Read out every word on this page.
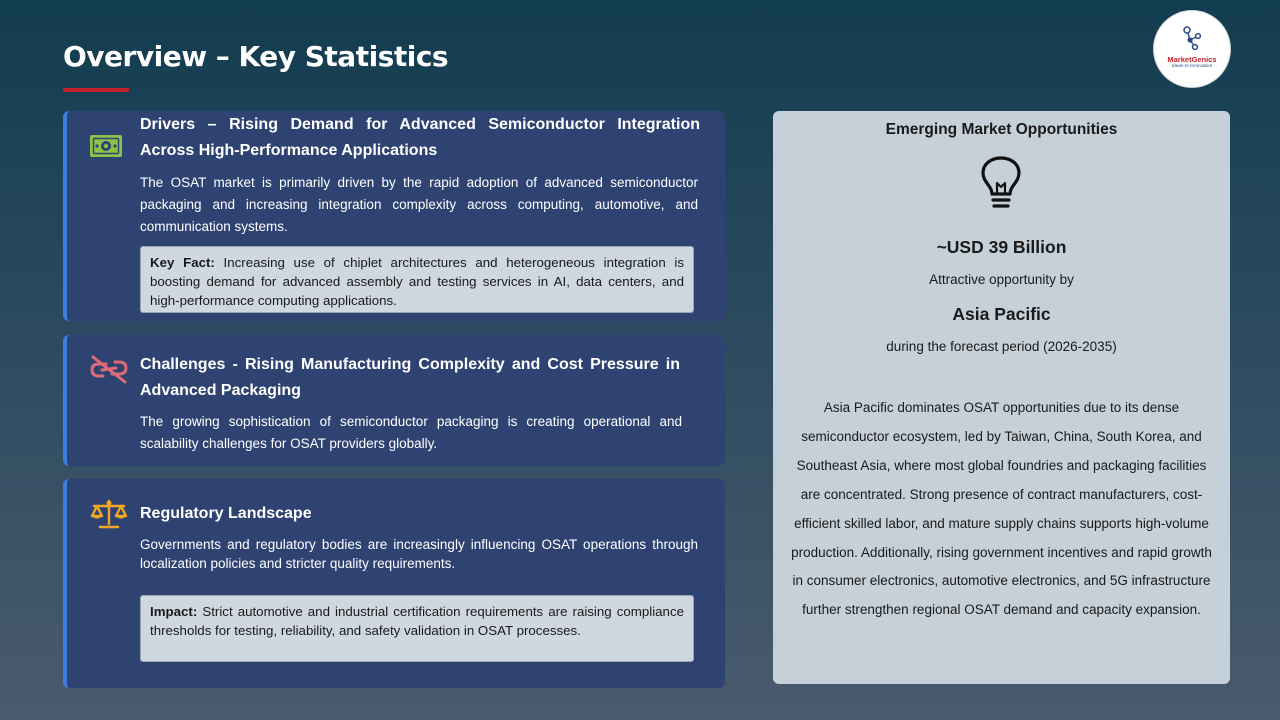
Overview – Key Statistics	MarketGenics
Ideas to Innovation
Drivers – Rising Demand for Advanced Semiconductor Integration Across High-Performance Applications
The OSAT market is primarily driven by the rapid adoption of advanced semiconductor packaging and increasing integration complexity across computing, automotive, and communication systems.
Key Fact: Increasing use of chiplet architectures and heterogeneous integration is boosting demand for advanced assembly and testing services in AI, data centers, and high-performance computing applications.
Challenges - Rising Manufacturing Complexity and Cost Pressure in Advanced Packaging
The growing sophistication of semiconductor packaging is creating operational and scalability challenges for OSAT providers globally.
Regulatory Landscape
Governments and regulatory bodies are increasingly influencing OSAT operations through localization policies and stricter quality requirements.
Impact: Strict automotive and industrial certification requirements are raising compliance thresholds for testing, reliability, and safety validation in OSAT processes.
Emerging Market Opportunities
~USD 39 Billion
Attractive opportunity by
Asia Pacific
during the forecast period (2026-2035)
Asia Pacific dominates OSAT opportunities due to its dense semiconductor ecosystem, led by Taiwan, China, South Korea, and Southeast Asia, where most global foundries and packaging facilities are concentrated. Strong presence of contract manufacturers, cost-efficient skilled labor, and mature supply chains supports high-volume production. Additionally, rising government incentives and rapid growth in consumer electronics, automotive electronics, and 5G infrastructure further strengthen regional OSAT demand and capacity expansion.
